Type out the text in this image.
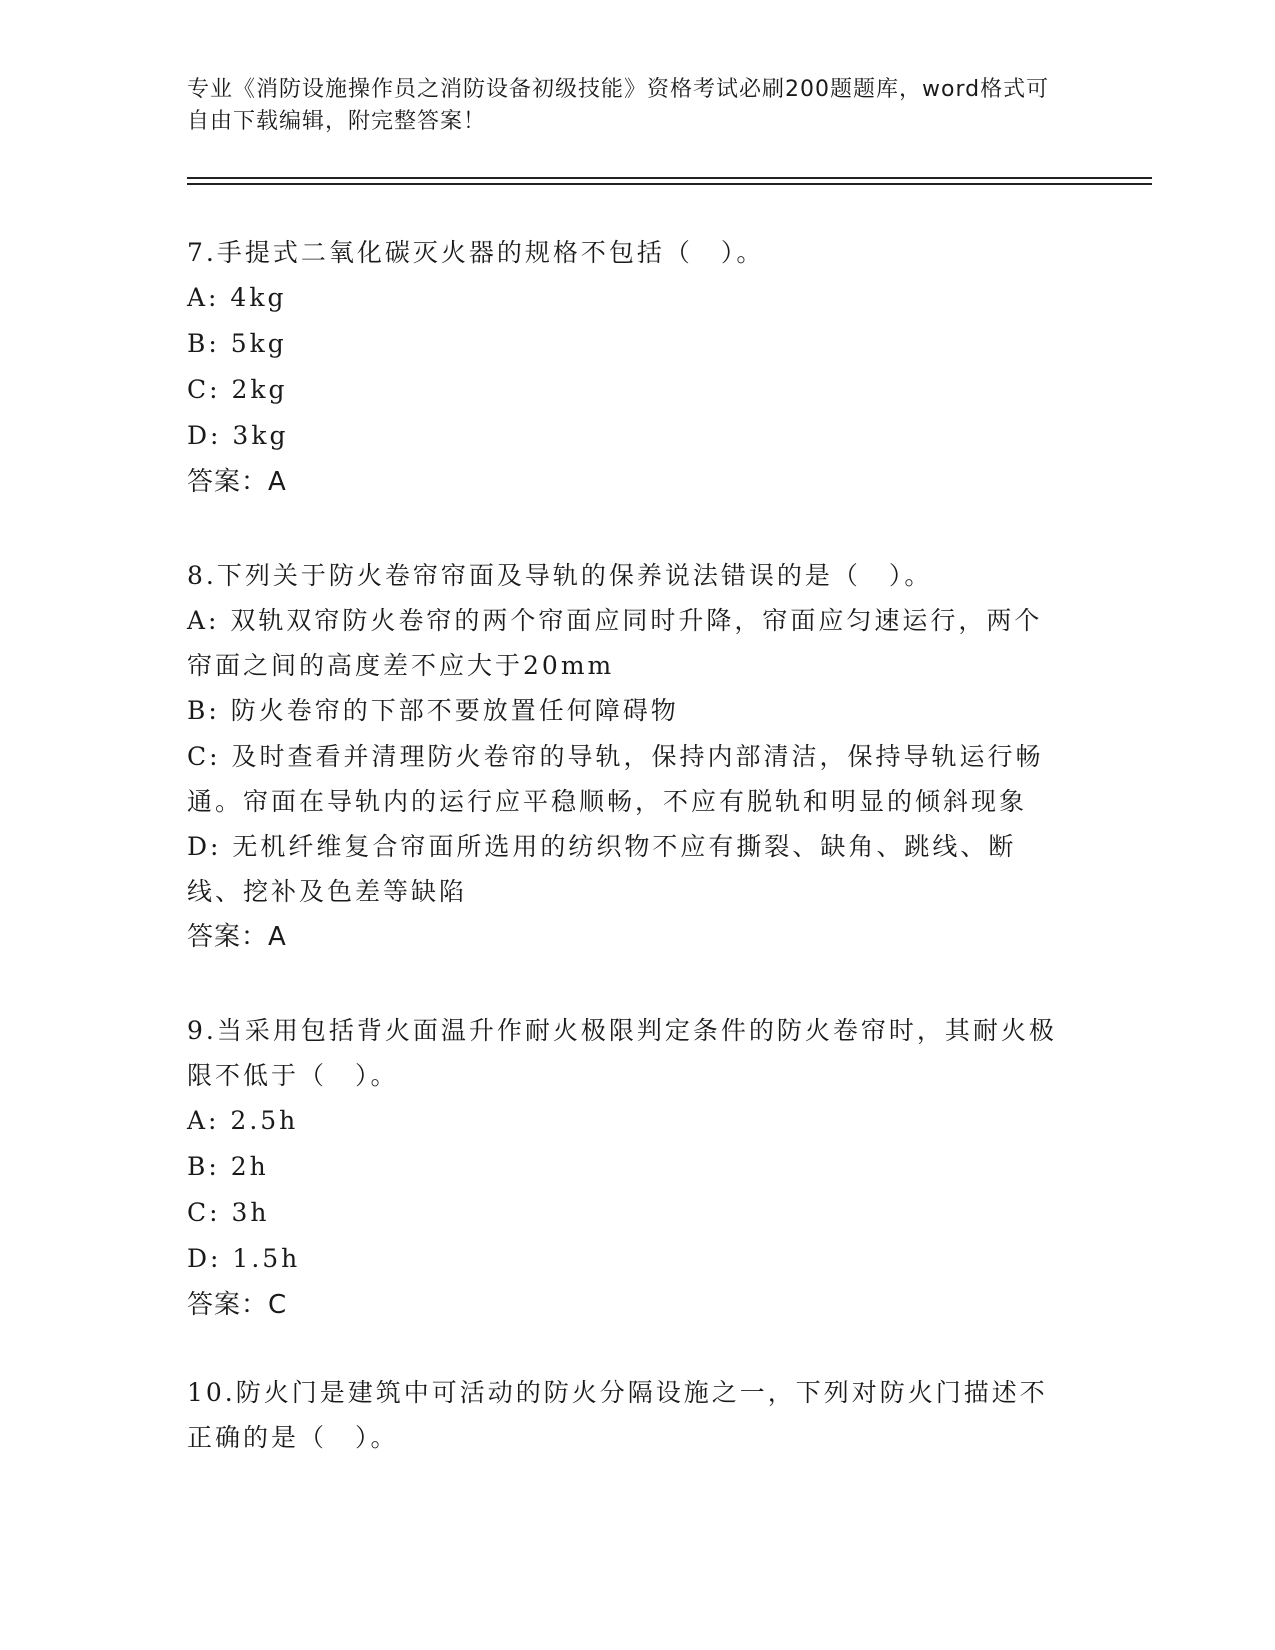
专业《消防设施操作员之消防设备初级技能》资格考试必刷200题题库，word格式可自由下载编辑，附完整答案！
7.手提式二氧化碳灭火器的规格不包括（　）。
A: 4kg
B: 5kg
C: 2kg
D: 3kg
答案：A
8.下列关于防火卷帘帘面及导轨的保养说法错误的是（　）。
A: 双轨双帘防火卷帘的两个帘面应同时升降，帘面应匀速运行，两个帘面之间的高度差不应大于20mm
B: 防火卷帘的下部不要放置任何障碍物
C: 及时查看并清理防火卷帘的导轨，保持内部清洁，保持导轨运行畅通。帘面在导轨内的运行应平稳顺畅，不应有脱轨和明显的倾斜现象
D: 无机纤维复合帘面所选用的纺织物不应有撕裂、缺角、跳线、断线、挖补及色差等缺陷
答案：A
9.当采用包括背火面温升作耐火极限判定条件的防火卷帘时，其耐火极限不低于（　）。
A: 2.5h
B: 2h
C: 3h
D: 1.5h
答案：C
10.防火门是建筑中可活动的防火分隔设施之一，下列对防火门描述不正确的是（　）。
